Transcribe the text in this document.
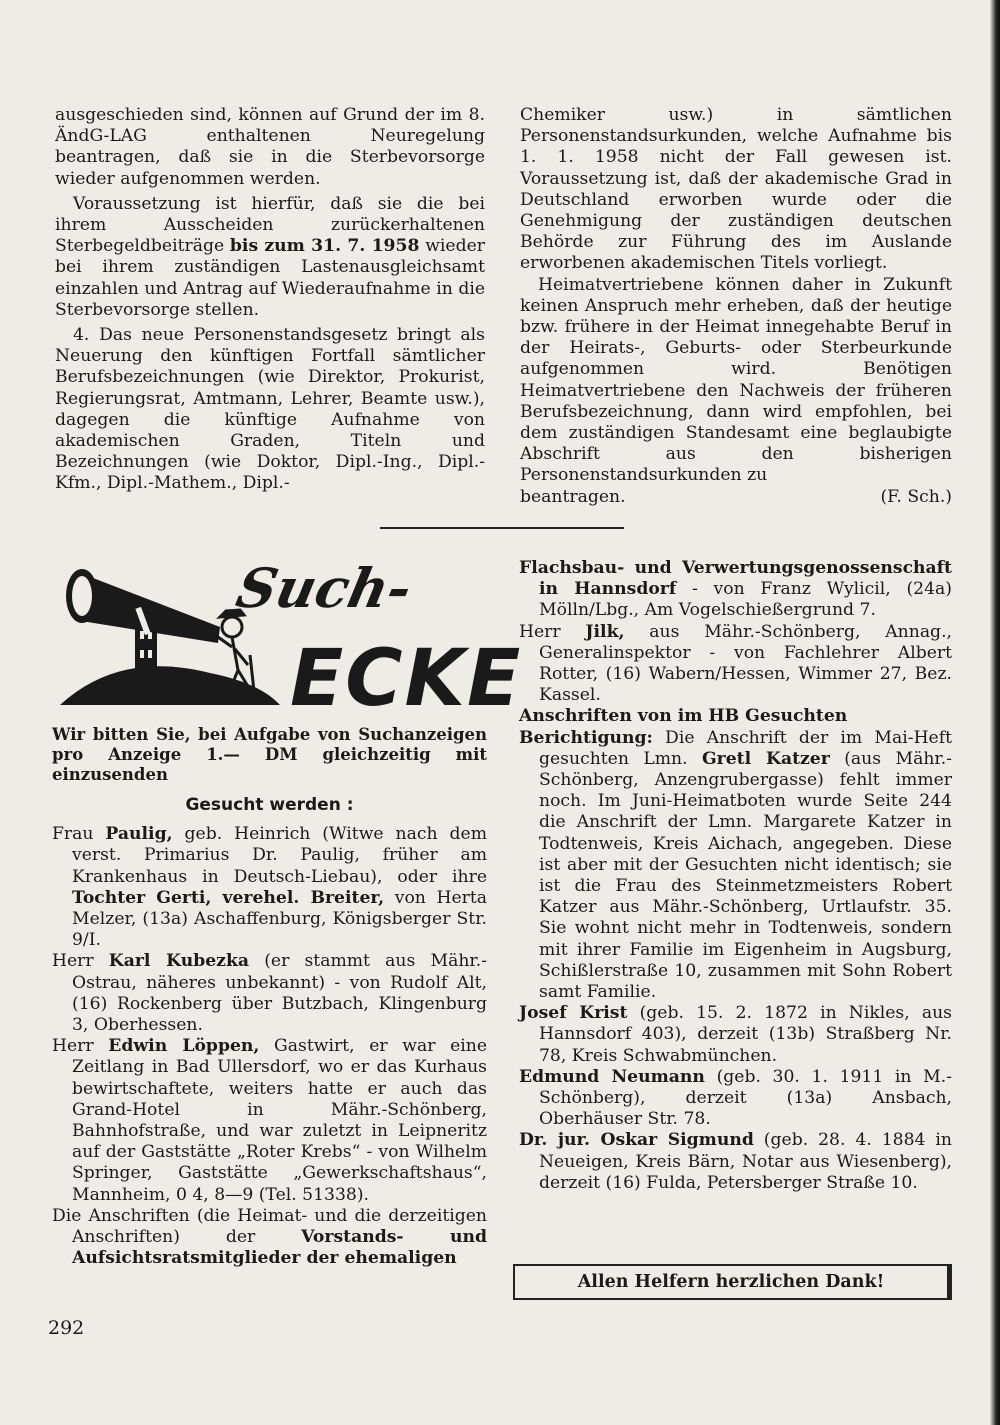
ausgeschieden sind, können auf Grund der im 8. ÄndG-LAG enthaltenen Neuregelung beantragen, daß sie in die Sterbevorsorge wieder aufgenommen werden.

Voraussetzung ist hierfür, daß sie die bei ihrem Ausscheiden zurückerhaltenen Sterbegeldbeiträge bis zum 31. 7. 1958 wieder bei ihrem zuständigen Lastenausgleichsamt einzahlen und Antrag auf Wiederaufnahme in die Sterbevorsorge stellen.

4. Das neue Personenstandsgesetz bringt als Neuerung den künftigen Fortfall sämtlicher Berufsbezeichnungen (wie Direktor, Prokurist, Regierungsrat, Amtmann, Lehrer, Beamte usw.), dagegen die künftige Aufnahme von akademischen Graden, Titeln und Bezeichnungen (wie Doktor, Dipl.-Ing., Dipl.-Kfm., Dipl.-Mathem., Dipl.-

Chemiker usw.) in sämtlichen Personenstandsurkunden, welche Aufnahme bis 1. 1. 1958 nicht der Fall gewesen ist. Voraussetzung ist, daß der akademische Grad in Deutschland erworben wurde oder die Genehmigung der zuständigen deutschen Behörde zur Führung des im Auslande erworbenen akademischen Titels vorliegt.

Heimatvertriebene können daher in Zukunft keinen Anspruch mehr erheben, daß der heutige bzw. frühere in der Heimat innegehabte Beruf in der Heirats-, Geburts- oder Sterbeurkunde aufgenommen wird. Benötigen Heimatvertriebene den Nachweis der früheren Berufsbezeichnung, dann wird empfohlen, bei dem zuständigen Standesamt eine beglaubigte Abschrift aus den bisherigen Personenstandsurkunden zu

beantragen.	(F. Sch.)
Such-
ECKE

Wir bitten Sie, bei Aufgabe von Suchanzeigen pro Anzeige 1.— DM gleichzeitig mit einzusenden

Gesucht werden :

Frau Paulig, geb. Heinrich (Witwe nach dem verst. Primarius Dr. Paulig, früher am Krankenhaus in Deutsch-Liebau), oder ihre Tochter Gerti, verehel. Breiter, von Herta Melzer, (13a) Aschaffenburg, Königsberger Str. 9/I.

Herr Karl Kubezka (er stammt aus Mähr.-Ostrau, näheres unbekannt) - von Rudolf Alt, (16) Rockenberg über Butzbach, Klingenburg 3, Oberhessen.

Herr Edwin Löppen, Gastwirt, er war eine Zeitlang in Bad Ullersdorf, wo er das Kurhaus bewirtschaftete, weiters hatte er auch das Grand-Hotel in Mähr.-Schönberg, Bahnhofstraße, und war zuletzt in Leipneritz auf der Gaststätte „Roter Krebs“ - von Wilhelm Springer, Gaststätte „Gewerkschaftshaus“, Mannheim, 0 4, 8—9 (Tel. 51338).

Die Anschriften (die Heimat- und die derzeitigen Anschriften) der Vorstands- und Aufsichtsratsmitglieder der ehemaligen

Flachsbau- und Verwertungsgenossenschaft in Hannsdorf - von Franz Wylicil, (24a) Mölln/Lbg., Am Vogelschießergrund 7.

Herr Jilk, aus Mähr.-Schönberg, Annag., Generalinspektor - von Fachlehrer Albert Rotter, (16) Wabern/Hessen, Wimmer 27, Bez. Kassel.

Anschriften von im HB Gesuchten

Berichtigung: Die Anschrift der im Mai-Heft gesuchten Lmn. Gretl Katzer (aus Mähr.-Schönberg, Anzengrubergasse) fehlt immer noch. Im Juni-Heimatboten wurde Seite 244 die Anschrift der Lmn. Margarete Katzer in Todtenweis, Kreis Aichach, angegeben. Diese ist aber mit der Gesuchten nicht identisch; sie ist die Frau des Steinmetzmeisters Robert Katzer aus Mähr.-Schönberg, Urtlaufstr. 35. Sie wohnt nicht mehr in Todtenweis, sondern mit ihrer Familie im Eigenheim in Augsburg, Schißlerstraße 10, zusammen mit Sohn Robert samt Familie.

Josef Krist (geb. 15. 2. 1872 in Nikles, aus Hannsdorf 403), derzeit (13b) Straßberg Nr. 78, Kreis Schwabmünchen.

Edmund Neumann (geb. 30. 1. 1911 in M.-Schönberg), derzeit (13a) Ansbach, Oberhäuser Str. 78.

Dr. jur. Oskar Sigmund (geb. 28. 4. 1884 in Neueigen, Kreis Bärn, Notar aus Wiesenberg), derzeit (16) Fulda, Petersberger Straße 10.

Allen Helfern herzlichen Dank!
292
